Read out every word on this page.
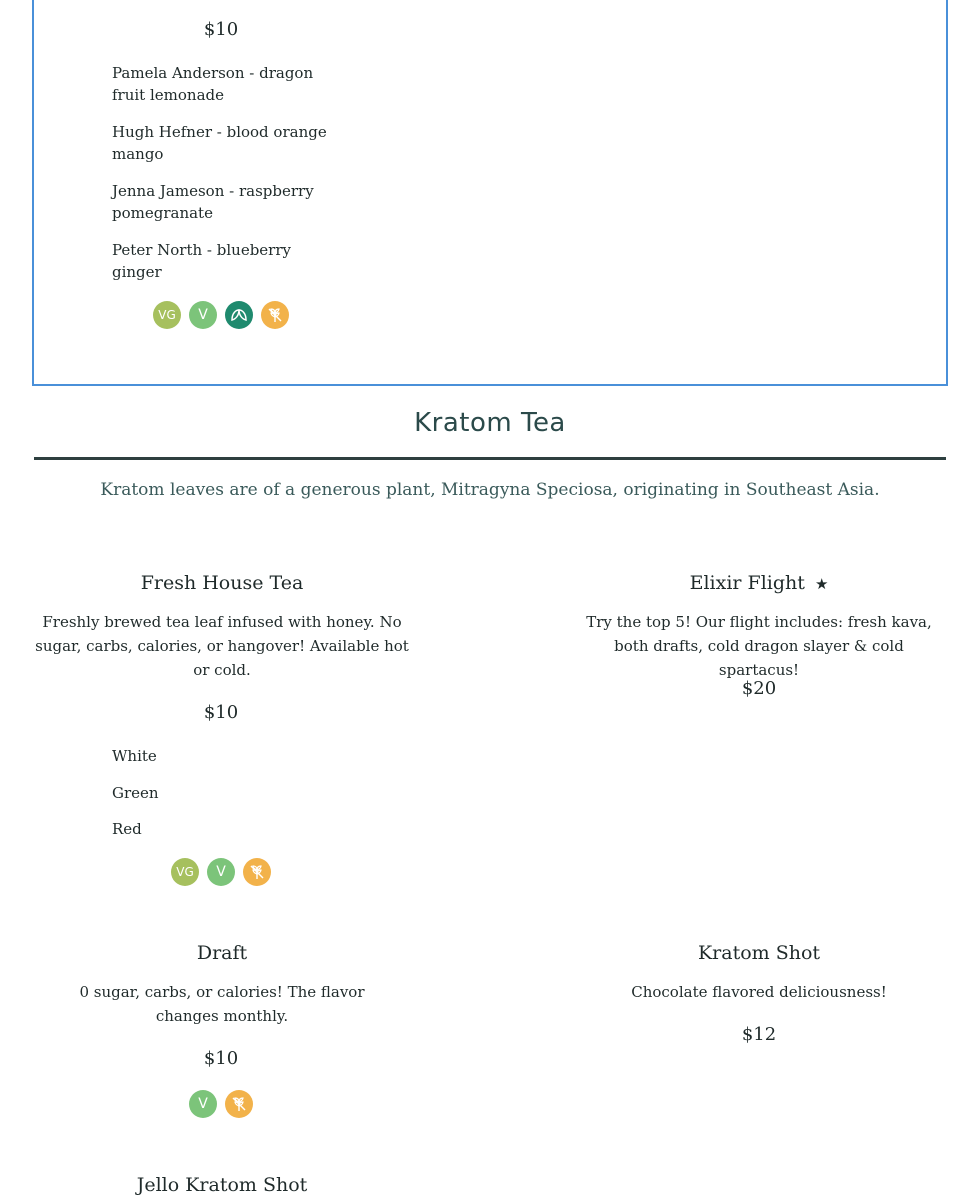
$10
Pamela Anderson - dragon fruit lemonade
Hugh Hefner - blood orange mango
Jenna Jameson - raspberry pomegranate
Peter North - blueberry ginger
VG	V
Kratom Tea
Kratom leaves are of a generous plant, Mitragyna Speciosa, originating in Southeast Asia.
Fresh House Tea
Freshly brewed tea leaf infused with honey. No sugar, carbs, calories, or hangover! Available hot or cold.
$10
White
Green
Red
VG	V
Elixir Flight ★
Try the top 5! Our flight includes: fresh kava, both drafts, cold dragon slayer & cold spartacus!
$20
Draft
0 sugar, carbs, or calories! The flavor changes monthly.
$10
V
Kratom Shot
Chocolate flavored deliciousness!
$12
Jello Kratom Shot
